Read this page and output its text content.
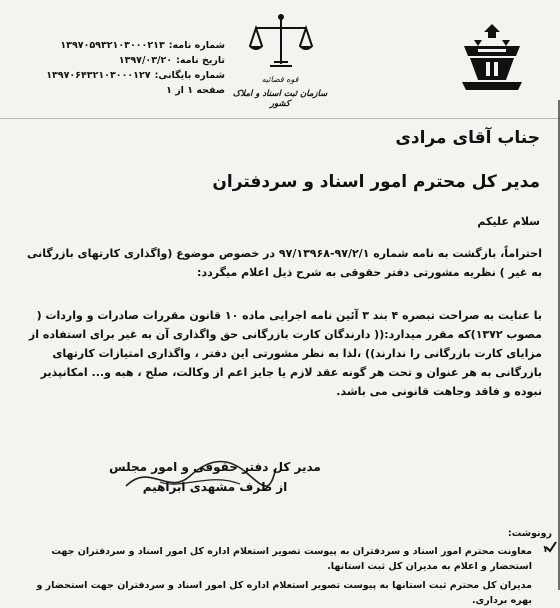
شماره نامه:
۱۳۹۷۰۵۹۳۲۱۰۳۰۰۰۲۱۳
تاریخ نامه:
۱۳۹۷/۰۳/۲۰
شماره بایگانی:
۱۳۹۷۰۶۴۳۲۱۰۳۰۰۰۱۲۷
صفحه ۱ از ۱
قوه قضائیه
سازمان ثبت اسناد و املاک کشور
جناب آقای مرادی
مدیر کل محترم امور اسناد و سردفتران
سلام علیکم
احتراماً، بازگشت به نامه شماره ۹۷/۲/۱-۹۷/۱۳۹۶۸ در خصوص موضوع (واگذاری کارتهای بازرگانی به غیر ) نظریه مشورتی دفتر حقوقی به شرح ذیل اعلام میگردد:
با عنایت به صراحت تبصره ۴ بند ۳ آئین نامه اجرایی ماده ۱۰ قانون مقررات صادرات و واردات ( مصوب ۱۳۷۲)که مقرر میدارد:(( دارندگان کارت بازرگانی حق واگذاری آن به غیر برای استفاده از مزایای کارت بازرگانی را ندارند)) ،لذا به نظر مشورتی این دفتر ، واگذاری امتیازات کارتهای بازرگانی به هر عنوان و تحت هر گونه عقد لازم یا جایز اعم از وکالت، صلح ، هبه و... امکانپذیر نبوده و فاقد وجاهت قانونی می باشد.
مدیر کل دفتر حقوقی و امور مجلس
از طرف مشهدی ابراهیم
رونوشت:
۱
معاونت محترم امور اسناد و سردفتران به پیوست تصویر استعلام اداره کل امور اسناد و سردفتران جهت استحضار و اعلام به مدیران کل ثبت استانها.
مدیران کل محترم ثبت استانها به پیوست تصویر استعلام اداره کل امور اسناد و سردفتران جهت استحضار و بهره برداری.
